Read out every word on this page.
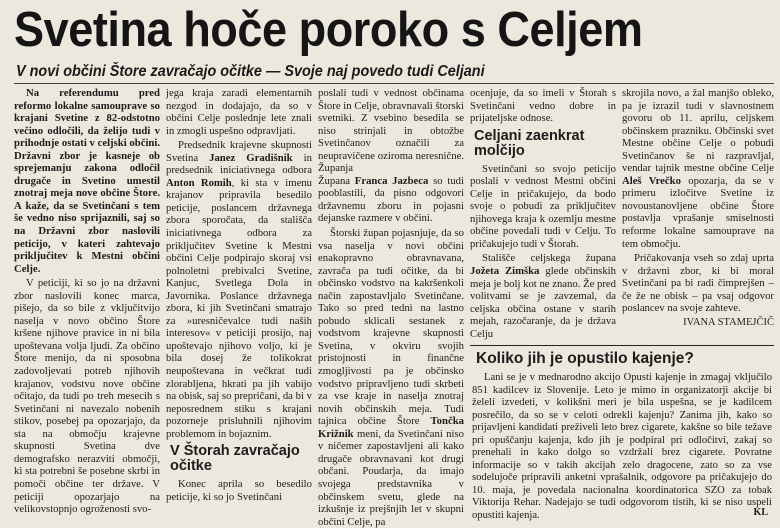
Svetina hoče poroko s Celjem
V novi občini Štore zavračajo očitke — Svoje naj povedo tudi Celjani

Na referendumu pred reformo lokalne samouprave so krajani Svetine z 82-odstotno večino odločili, da želijo tudi v prihodnje ostati v celjski občini. Državni zbor je kasneje ob sprejemanju zakona odločil drugače in Svetino umestil znotraj meja nove občine Štore. A kaže, da se Svetinčani s tem še vedno niso sprijaznili, saj so na Državni zbor naslovili peticijo, v kateri zahtevajo priključitev k Mestni občini Celje.

V peticiji, ki so jo na državni zbor naslovili konec marca, pišejo, da so bile z vključitvijo naselja v novo občino Štore kršene njihove pravice in ni bila upoštevana volja ljudi. Za občino Štore menijo, da ni sposobna zadovoljevati potreb njihovih krajanov, vodstvu nove občine očitajo, da tudi po treh mesecih s Svetinčani ni navezalo nobenih stikov, posebej pa opozarjajo, da sta na območju krajevne skupnosti Svetina dve demografsko nerazviti območji, ki sta potrebni še posebne skrbi in pomoči občine ter države. V peticiji opozarjajo na velikovstopnjo ogroženosti svo-

jega kraja zaradi elementarnih nezgod in dodajajo, da so v občini Celje poslednje lete znali in zmogli uspešno odpravljati.

Predsednik krajevne skupnosti Svetina Janez Gradišnik in predsednik iniciativnega odbora Anton Romih, ki sta v imenu krajanov pripravila besedilo peticije, poslancem državnega zbora sporočata, da stališča iniciativnega odbora za priključitev Svetine k Mestni občini Celje podpirajo skoraj vsi polnoletni prebivalci Svetine, Kanjuc, Svetlega Dola in Javornika. Poslance državnega zbora, ki jih Svetinčani smatrajo za »uresničevalce tudi naših interesov« v peticiji prosijo, naj upoštevajo njihovo voljo, ki je bila dosej že tolikokrat neupoštevana in večkrat tudi zlorabljena, hkrati pa jih vabijo na obisk, saj so prepričani, da bi v neposrednem stiku s krajani pozorneje prisluhnili njihovim problemom in bojaznim.

V Štorah zavračajo očitke

Konec aprila so besedilo peticije, ki so jo Svetinčani

poslali tudi v vednost občinama Štore in Celje, obravnavali štorski svetniki. Z vsebino besedila se niso strinjali in obtožbe Svetinčanov označili za neupravičene oziroma neresnične. Županja

Župana Franca Jazbeca so tudi pooblastili, da pisno odgovori državnemu zboru in pojasni dejanske razmere v občini.

Štorski župan pojasnjuje, da so vsa naselja v novi občini enakopravno obravnavana, zavrača pa tudi očitke, da bi občinsko vodstvo na kakršenkoli način zapostavljalo Svetinčane. Tako so pred tedni na lastno pobudo sklicali sestanek z vodstvom krajevne skupnosti Svetina, v okviru svojih pristojnosti in finančne zmogljivosti pa je občinsko vodstvo pripravljeno tudi skrbeti za vse kraje in naselja znotraj novih občinskih meja. Tudi tajnica občine Štore Tončka Križnik meni, da Svetinčani niso v ničemer zapostavljeni ali kako drugače obravnavani kot drugi občani. Poudarja, da imajo svojega predstavnika v občinskem svetu, glede na izkušnje iz prejšnjih let v skupni občini Celje, pa

ocenjuje, da so imeli v Štorah s Svetinčani vedno dobre in prijateljske odnose.

Celjani zaenkrat molčijo

Svetinčani so svojo peticijo poslali v vednost Mestni občini Celje in pričakujejo, da bodo svoje o pobudi za priključitev njihovega kraja k ozemlju mestne občine povedali tudi v Celju. To pričakujejo tudi v Štorah.

Stališče celjskega župana Jožeta Zimška glede občinskih meja je bolj kot ne znano. Že pred volitvami se je zavzemal, da celjska občina ostane v starih mejah, razočaranje, da je država Celju

skrojila novo, a žal manjšo obleko, pa je izrazil tudi v slavnostnem govoru ob 11. aprilu, celjskem občinskem prazniku. Občinski svet Mestne občine Celje o pobudi Svetinčanov še ni razpravljal, vendar tajnik mestne občine Celje Aleš Vrečko opozarja, da se v primeru izločitve Svetine iz novoustanovljene občine Štore postavlja vprašanje smiselnosti reforme lokalne samouprave na tem območju.

Pričakovanja vseh so zdaj uprta v državni zbor, ki bi moral Svetinčani pa bi radi čimprejšen – če že ne obisk – pa vsaj odgovor poslancev na svoje zahteve.

IVANA STAMEJČIČ
Koliko jih je opustilo kajenje?

Lani se je v mednarodno akcijo Opusti kajenje in zmagaj vključilo 851 kadilcev iz Slovenije. Leto je mimo in organizatorji akcije bi želeli izvedeti, v kolikšni meri je bila uspešna, se je kadilcem posrečilo, da so se v celoti odrekli kajenju? Zanima jih, kako so prijavljeni kandidati preživeli leto brez cigarete, kakšne so bile težave pri opuščanju kajenja, kdo jih je podpiral pri odločitvi, zakaj so prenehali in kako dolgo so vzdržali brez cigarete. Povratne informacije so v takih akcijah zelo dragocene, zato so za vse sodelujoče pripravili anketni vprašalnik, odgovore pa pričakujejo do 10. maja, je povedala nacionalna koordinatorica SZO za tobak Viktorija Rehar. Nadejajo se tudi odgovorom tistih, ki se niso uspeli opustiti kajenja.	KL
